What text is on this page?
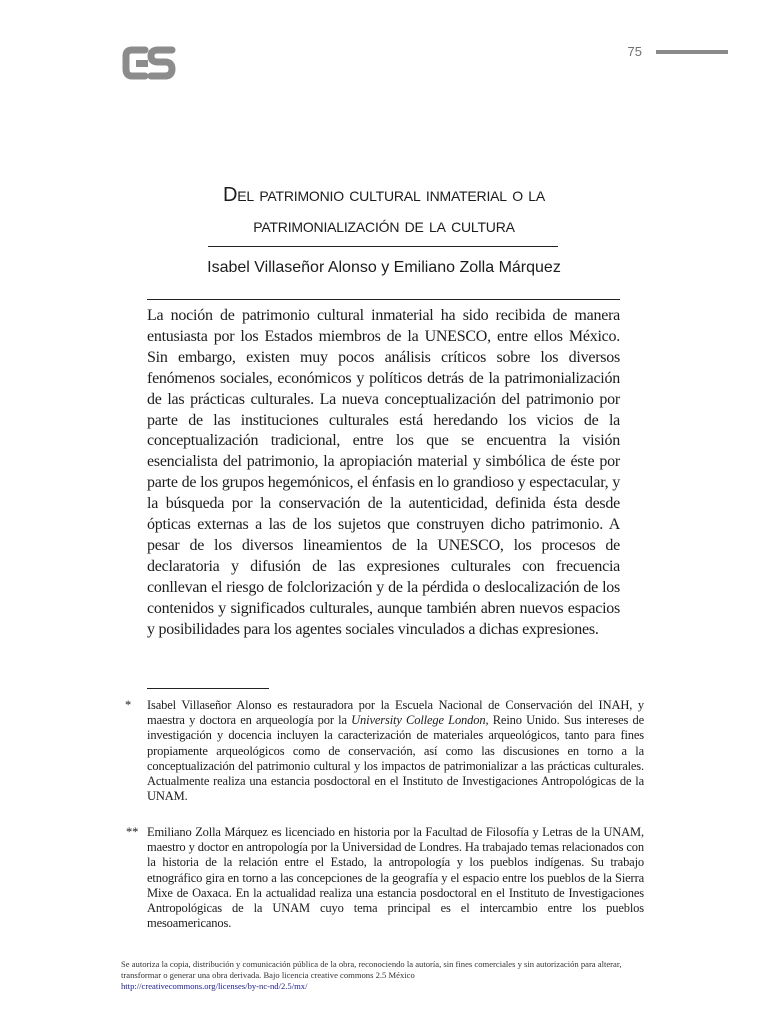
75
Del patrimonio cultural inmaterial o la
patrimonialización de la cultura
Isabel Villaseñor Alonso y Emiliano Zolla Márquez

La noción de patrimonio cultural inmaterial ha sido recibida de manera entusiasta por los Estados miembros de la UNESCO, entre ellos México. Sin embargo, existen muy pocos análisis críticos sobre los diversos fenómenos sociales, económicos y políticos detrás de la patrimonialización de las prácticas culturales. La nueva conceptualización del patrimonio por parte de las instituciones culturales está heredando los vicios de la conceptualización tradicional, entre los que se encuentra la visión esencialista del patrimonio, la apropiación material y simbólica de éste por parte de los grupos hegemónicos, el énfasis en lo grandioso y espectacular, y la búsqueda por la conservación de la autenticidad, definida ésta desde ópticas externas a las de los sujetos que construyen dicho patrimonio. A pesar de los diversos lineamientos de la UNESCO, los procesos de declaratoria y difusión de las expresiones culturales con frecuencia conllevan el riesgo de folclorización y de la pérdida o deslocalización de los contenidos y significados culturales, aunque también abren nuevos espacios y posibilidades para los agentes sociales vinculados a dichas expresiones.

* Isabel Villaseñor Alonso es restauradora por la Escuela Nacional de Conservación del INAH, y maestra y doctora en arqueología por la University College London, Reino Unido. Sus intereses de investigación y docencia incluyen la caracterización de materiales arqueológicos, tanto para fines propiamente arqueológicos como de conservación, así como las discusiones en torno a la conceptualización del patrimonio cultural y los impactos de patrimonializar a las prácticas culturales. Actualmente realiza una estancia posdoctoral en el Instituto de Investigaciones Antropológicas de la UNAM.

** Emiliano Zolla Márquez es licenciado en historia por la Facultad de Filosofía y Letras de la UNAM, maestro y doctor en antropología por la Universidad de Londres. Ha trabajado temas relacionados con la historia de la relación entre el Estado, la antropología y los pueblos indígenas. Su trabajo etnográfico gira en torno a las concepciones de la geografía y el espacio entre los pueblos de la Sierra Mixe de Oaxaca. En la actualidad realiza una estancia posdoctoral en el Instituto de Investigaciones Antropológicas de la UNAM cuyo tema principal es el intercambio entre los pueblos mesoamericanos.

Se autoriza la copia, distribución y comunicación pública de la obra, reconociendo la autoría, sin fines comerciales y sin autorización para alterar, transformar o generar una obra derivada. Bajo licencia creative commons 2.5 México
http://creativecommons.org/licenses/by-nc-nd/2.5/mx/
